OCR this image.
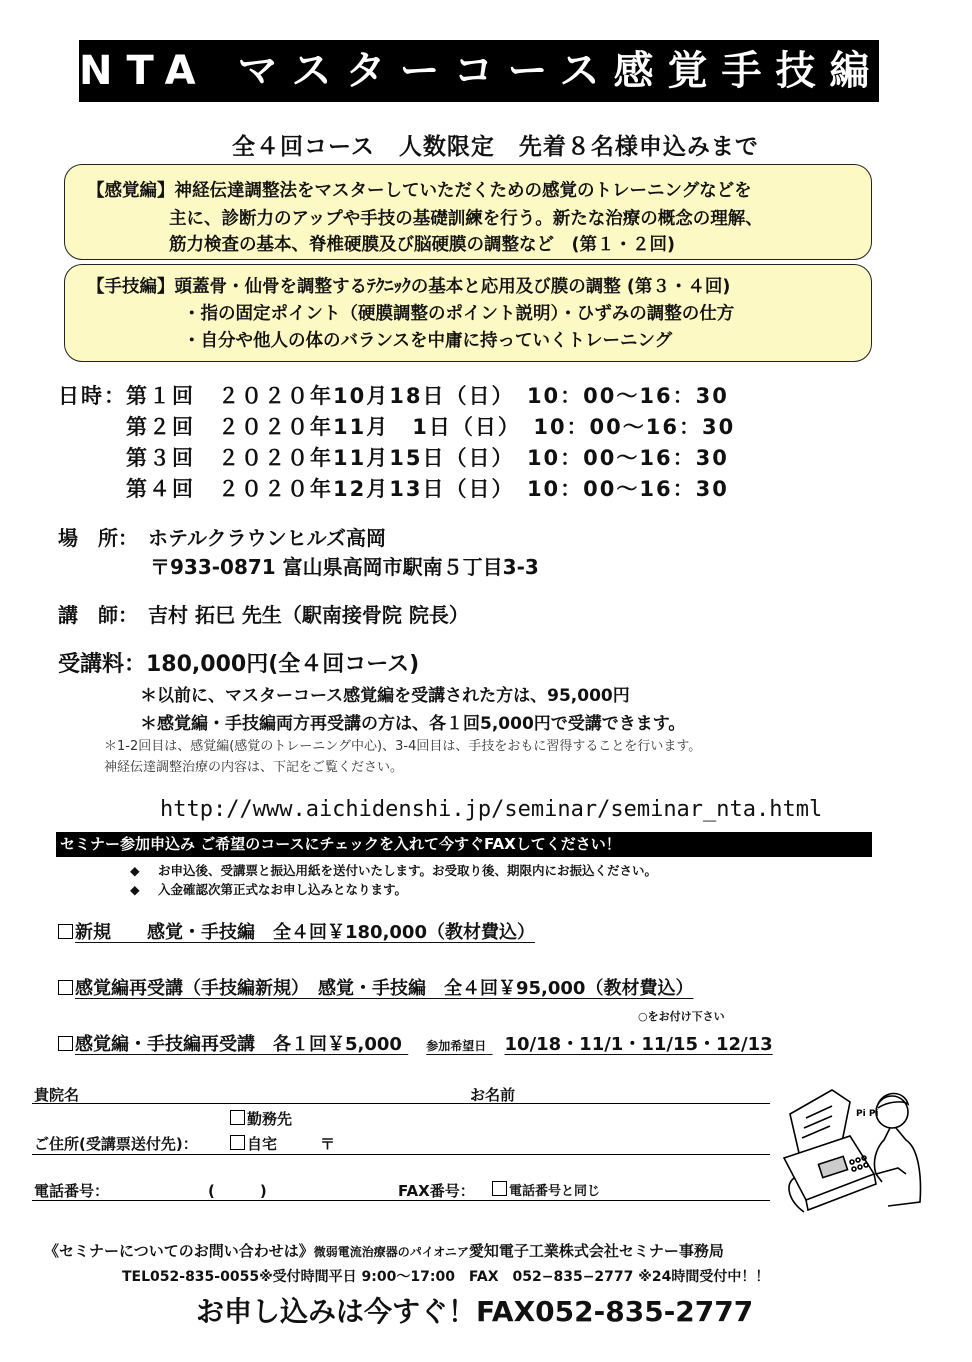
NTA マスターコース感覚手技編
全４回コース　人数限定　先着８名様申込みまで
【感覚編】神経伝達調整法をマスターしていただくための感覚のトレーニングなどを
主に、診断力のアップや手技の基礎訓練を行う。新たな治療の概念の理解、
筋力検査の基本、脊椎硬膜及び脳硬膜の調整など　(第１・２回)
【手技編】頭蓋骨・仙骨を調整するﾃｸﾆｯｸの基本と応用及び膜の調整 (第３・４回)
・指の固定ポイント（硬膜調整のポイント説明）・ひずみの調整の仕方
・自分や他人の体のバランスを中庸に持っていくトレーニング
日時： 第１回　２０２０年10月18日（日）　10：00〜16：30
第２回　２０２０年11月　1日（日）　10：00〜16：30
第３回　２０２０年11月15日（日）　10：00〜16：30
第４回　２０２０年12月13日（日）　10：00〜16：30
場　所： ホテルクラウンヒルズ高岡
〒933-0871 富山県高岡市駅南５丁目3-3
講　師： 吉村 拓巳 先生（駅南接骨院 院長）
受講料：180,000円(全４回コース)
＊以前に、マスターコース感覚編を受講された方は、95,000円
＊感覚編・手技編両方再受講の方は、各１回5,000円で受講できます。
＊1-2回目は、感覚編(感覚のトレーニング中心)、3-4回目は、手技をおもに習得することを行います。
神経伝達調整治療の内容は、下記をご覧ください。
http://www.aichidenshi.jp/seminar/seminar_nta.html
セミナー参加申込み ご希望のコースにチェックを入れて今すぐFAXしてください！
◆ お申込後、受講票と振込用紙を送付いたします。お受取り後、期限内にお振込ください。
◆ 入金確認次第正式なお申し込みとなります。
新規　　感覚・手技編　全４回￥180,000（教材費込）
感覚編再受講（手技編新規）　感覚・手技編　全４回￥95,000（教材費込）
○をお付け下さい
感覚編・手技編再受講　各１回￥5,000 参加希望日 10/18・11/1・11/15・12/13
貴院名	お名前
勤務先
ご住所(受講票送付先)：	自宅	〒
電話番号：	(　　　)	FAX番号：	電話番号と同じ
Pi Pi
《セミナーについてのお問い合わせは》微弱電流治療器のパイオニア愛知電子工業株式会社セミナー事務局
TEL052-835-0055※受付時間平日 9:00〜17:00　FAX　052−835−2777 ※24時間受付中！！
お申し込みは今すぐ！FAX052-835-2777
